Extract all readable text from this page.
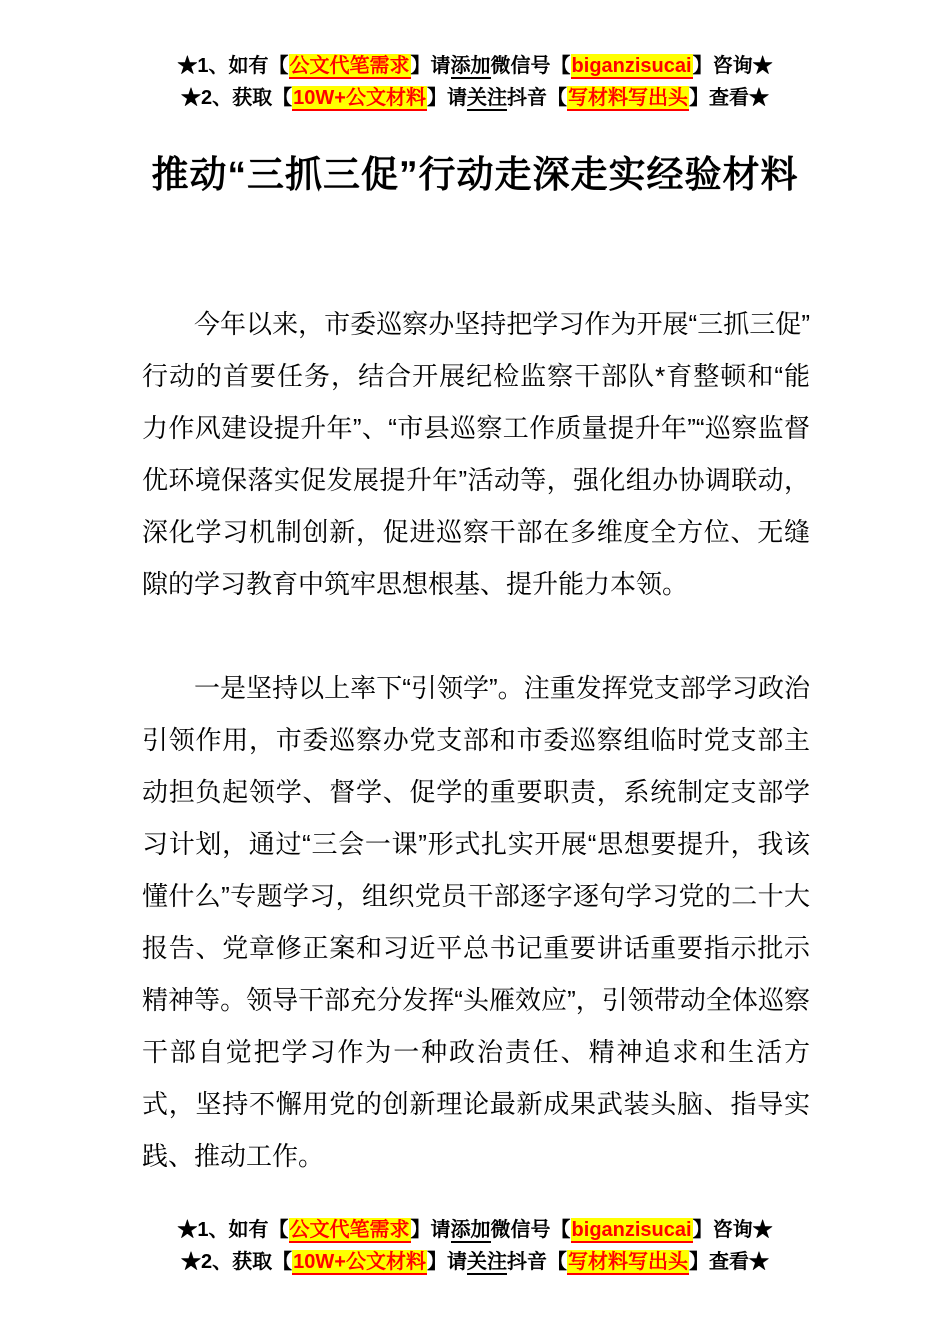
★1、如有【公文代笔需求】请添加微信号【biganzisucai】咨询★
★2、获取【10W+公文材料】请关注抖音【写材料写出头】查看★
推动“三抓三促”行动走深走实经验材料

今年以来，市委巡察办坚持把学习作为开展“三抓三促”行动的首要任务，结合开展纪检监察干部队*育整顿和“能力作风建设提升年”、“市县巡察工作质量提升年”“巡察监督优环境保落实促发展提升年”活动等，强化组办协调联动，深化学习机制创新，促进巡察干部在多维度全方位、无缝隙的学习教育中筑牢思想根基、提升能力本领。

一是坚持以上率下“引领学”。注重发挥党支部学习政治引领作用，市委巡察办党支部和市委巡察组临时党支部主动担负起领学、督学、促学的重要职责，系统制定支部学习计划，通过“三会一课”形式扎实开展“思想要提升，我该懂什么”专题学习，组织党员干部逐字逐句学习党的二十大报告、党章修正案和习近平总书记重要讲话重要指示批示精神等。领导干部充分发挥“头雁效应”，引领带动全体巡察干部自觉把学习作为一种政治责任、精神追求和生活方式，坚持不懈用党的创新理论最新成果武装头脑、指导实践、推动工作。

★1、如有【公文代笔需求】请添加微信号【biganzisucai】咨询★
★2、获取【10W+公文材料】请关注抖音【写材料写出头】查看★
